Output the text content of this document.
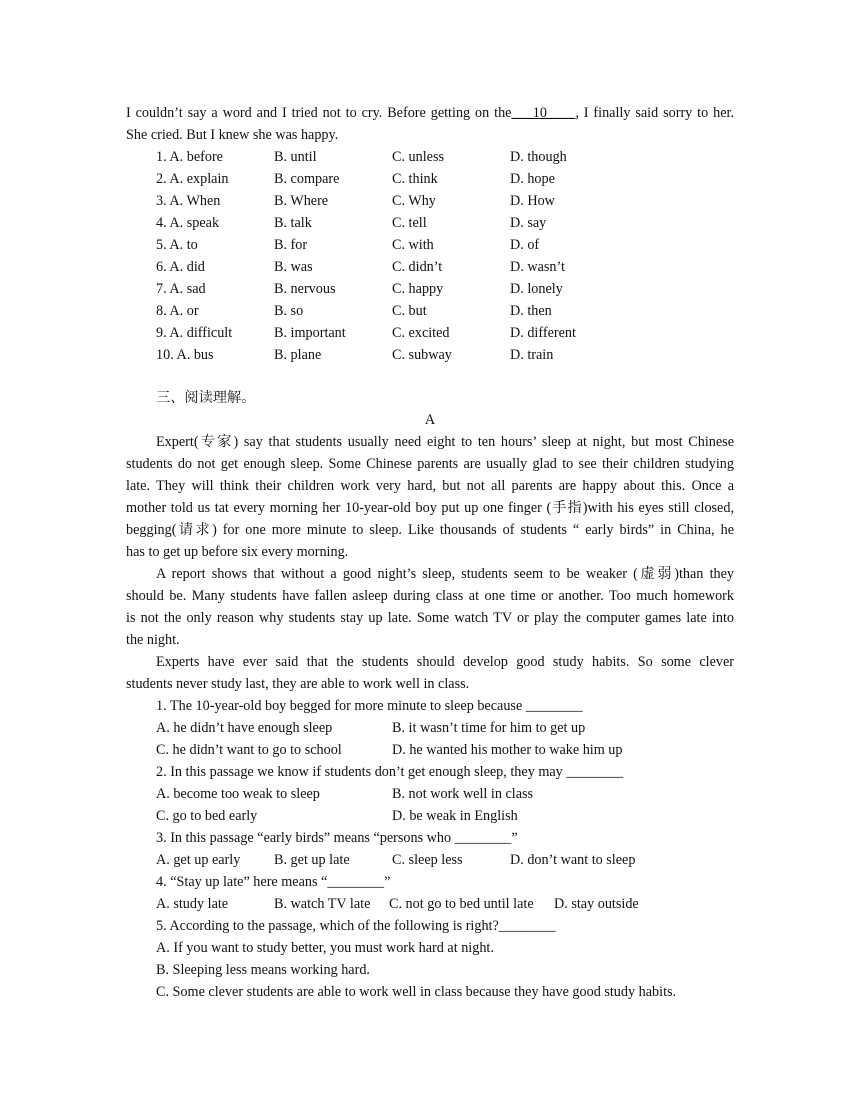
I couldn’t say a word and I tried not to cry. Before getting on the___10____, I finally said sorry to her.
She cried. But I knew she was happy.
1. A. before	B. until	C. unless	D. though
2. A. explain	B. compare	C. think	D. hope
3. A. When	B. Where	C. Why	D. How
4. A. speak	B. talk	C. tell	D. say
5. A. to	B. for	C. with	D. of
6. A. did	B. was	C. didn’t	D. wasn’t
7. A. sad	B. nervous	C. happy	D. lonely
8. A. or	B. so	C. but	D. then
9. A. difficult	B. important	C. excited	D. different
10. A. bus	B. plane	C. subway	D. train
三、阅读理解。
A
Expert(专家) say that students usually need eight to ten hours’ sleep at night, but most Chinese
students do not get enough sleep. Some Chinese parents are usually glad to see their children studying
late. They will think their children work very hard, but not all parents are happy about this. Once a
mother told us tat every morning her 10-year-old boy put up one finger (手指)with his eyes still closed,
begging(请求) for one more minute to sleep. Like thousands of students “ early birds” in China, he
has to get up before six every morning.
A report shows that without a good night’s sleep, students seem to be weaker (虚弱)than they
should be. Many students have fallen asleep during class at one time or another. Too much homework
is not the only reason why students stay up late. Some watch TV or play the computer games late into
the night.
Experts have ever said that the students should develop good study habits. So some clever
students never study last, they are able to work well in class.
1. The 10-year-old boy begged for more minute to sleep because ________
A. he didn’t have enough sleep	B. it wasn’t time for him to get up
C. he didn’t want to go to school	D. he wanted his mother to wake him up
2. In this passage we know if students don’t get enough sleep, they may ________
A. become too weak to sleep	B. not work well in class
C. go to bed early	D. be weak in English
3. In this passage “early birds” means “persons who ________”
A. get up early B. get up late	C. sleep less	D. don’t want to sleep
4. “Stay up late” here means “________”
A. study late	B. watch TV late C. not go to bed until late D. stay outside
5. According to the passage, which of the following is right?________
A. If you want to study better, you must work hard at night.
B. Sleeping less means working hard.
C. Some clever students are able to work well in class because they have good study habits.
